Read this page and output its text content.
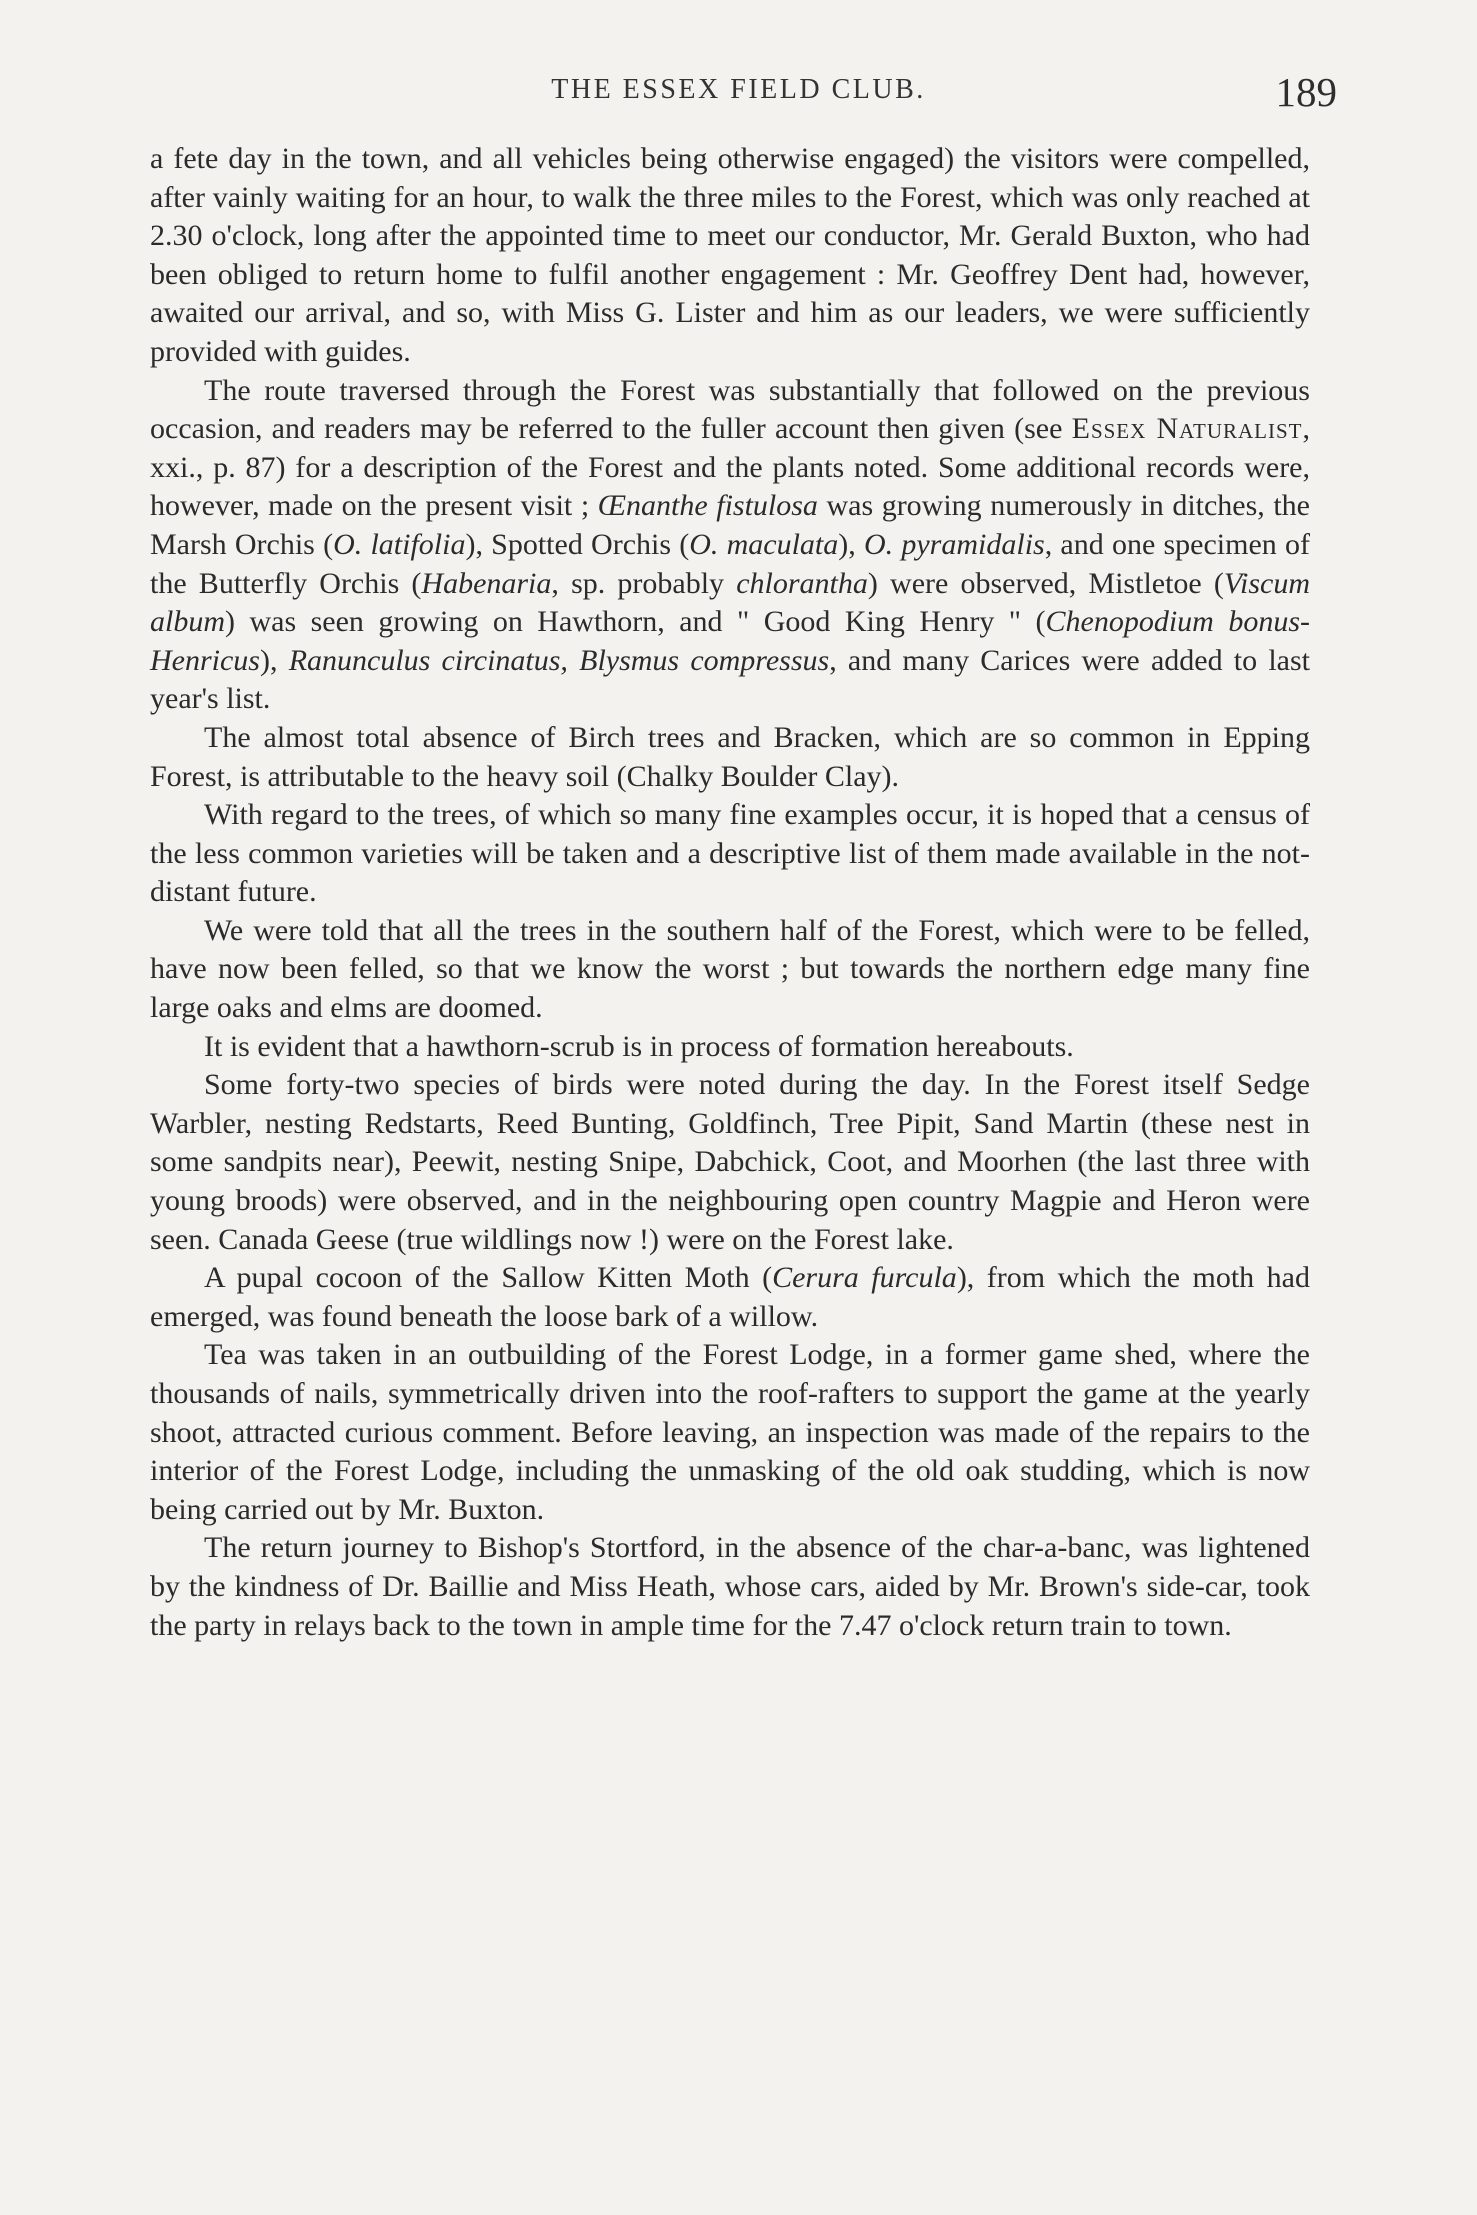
THE ESSEX FIELD CLUB.	189

a fete day in the town, and all vehicles being otherwise engaged) the visitors were compelled, after vainly waiting for an hour, to walk the three miles to the Forest, which was only reached at 2.30 o'clock, long after the appointed time to meet our conductor, Mr. Gerald Buxton, who had been obliged to return home to fulfil another engagement : Mr. Geoffrey Dent had, however, awaited our arrival, and so, with Miss G. Lister and him as our leaders, we were sufficiently provided with guides.

The route traversed through the Forest was substantially that followed on the previous occasion, and readers may be referred to the fuller account then given (see Essex Naturalist, xxi., p. 87) for a description of the Forest and the plants noted. Some additional records were, however, made on the present visit ; Œnanthe fistulosa was growing numerously in ditches, the Marsh Orchis (O. latifolia), Spotted Orchis (O. maculata), O. pyramidalis, and one specimen of the Butterfly Orchis (Habenaria, sp. probably chlorantha) were observed, Mistletoe (Viscum album) was seen growing on Hawthorn, and " Good King Henry " (Chenopodium bonus-Henricus), Ranunculus circinatus, Blysmus compressus, and many Carices were added to last year's list.

The almost total absence of Birch trees and Bracken, which are so common in Epping Forest, is attributable to the heavy soil (Chalky Boulder Clay).

With regard to the trees, of which so many fine examples occur, it is hoped that a census of the less common varieties will be taken and a descriptive list of them made available in the not-distant future.

We were told that all the trees in the southern half of the Forest, which were to be felled, have now been felled, so that we know the worst ; but towards the northern edge many fine large oaks and elms are doomed.

It is evident that a hawthorn-scrub is in process of formation hereabouts.

Some forty-two species of birds were noted during the day. In the Forest itself Sedge Warbler, nesting Redstarts, Reed Bunting, Goldfinch, Tree Pipit, Sand Martin (these nest in some sandpits near), Peewit, nesting Snipe, Dabchick, Coot, and Moorhen (the last three with young broods) were observed, and in the neighbouring open country Magpie and Heron were seen. Canada Geese (true wildlings now !) were on the Forest lake.

A pupal cocoon of the Sallow Kitten Moth (Cerura furcula), from which the moth had emerged, was found beneath the loose bark of a willow.

Tea was taken in an outbuilding of the Forest Lodge, in a former game shed, where the thousands of nails, symmetrically driven into the roof-rafters to support the game at the yearly shoot, attracted curious comment. Before leaving, an inspection was made of the repairs to the interior of the Forest Lodge, including the unmasking of the old oak studding, which is now being carried out by Mr. Buxton.

The return journey to Bishop's Stortford, in the absence of the char-a-banc, was lightened by the kindness of Dr. Baillie and Miss Heath, whose cars, aided by Mr. Brown's side-car, took the party in relays back to the town in ample time for the 7.47 o'clock return train to town.
